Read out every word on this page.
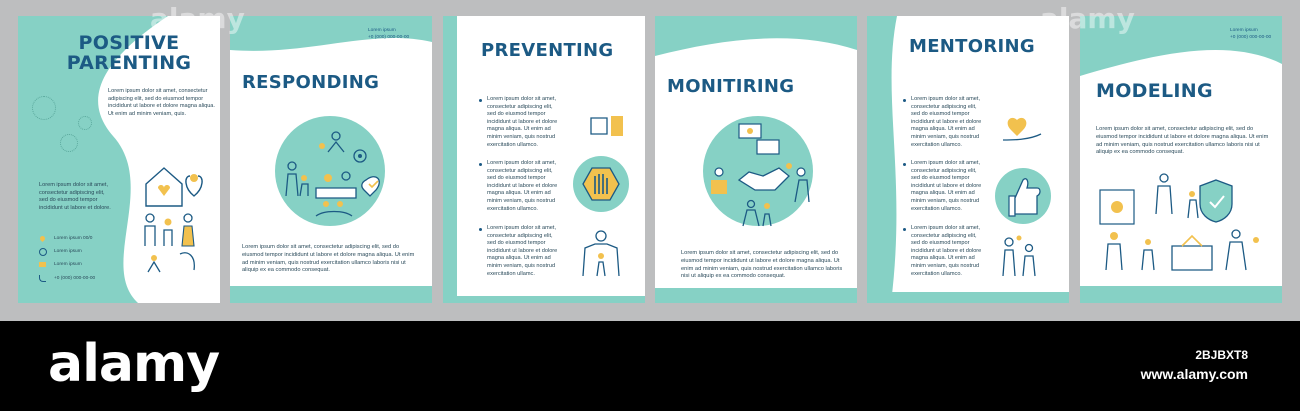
POSITIVE PARENTING
Lorem ipsum dolor sit amet, consectetur adipiscing elit, sed do eiusmod tempor incididunt ut labore et dolore magna aliqua. Ut enim ad minim veniam, quis.
Lorem ipsum dolor sit amet, consectetur adipiscing elit, sed do eiusmod tempor incididunt ut labore et dolore.
Lorem ipsum 00/0
Lorem ipsum
Lorem ipsum
+0 (000) 000-00-00
Lorem ipsum
+0 (000) 000-00-00
RESPONDING
Lorem ipsum dolor sit amet, consectetur adipiscing elit, sed do eiusmod tempor incididunt ut labore et dolore magna aliqua. Ut enim ad minim veniam, quis nostrud exercitation ullamco laboris nisi ut aliquip ex ea commodo consequat.
PREVENTING
Lorem ipsum dolor sit amet, consectetur adipiscing elit, sed do eiusmod tempor incididunt ut labore et dolore magna aliqua. Ut enim ad minim veniam, quis nostrud exercitation ullamco.
Lorem ipsum dolor sit amet, consectetur adipiscing elit, sed do eiusmod tempor incididunt ut labore et dolore magna aliqua. Ut enim ad minim veniam, quis nostrud exercitation ullamco.
Lorem ipsum dolor sit amet, consectetur adipiscing elit, sed do eiusmod tempor incididunt ut labore et dolore magna aliqua. Ut enim ad minim veniam, quis nostrud exercitation ullamc.
MONITIRING
Lorem ipsum dolor sit amet, consectetur adipiscing elit, sed do eiusmod tempor incididunt ut labore et dolore magna aliqua. Ut enim ad minim veniam, quis nostrud exercitation ullamco laboris nisi ut aliquip ex ea commodo consequat.
MENTORING
Lorem ipsum dolor sit amet, consectetur adipiscing elit, sed do eiusmod tempor incididunt ut labore et dolore magna aliqua. Ut enim ad minim veniam, quis nostrud exercitation ullamco.
Lorem ipsum dolor sit amet, consectetur adipiscing elit, sed do eiusmod tempor incididunt ut labore et dolore magna aliqua. Ut enim ad minim veniam, quis nostrud exercitation ullamco.
Lorem ipsum dolor sit amet, consectetur adipiscing elit, sed do eiusmod tempor incididunt ut labore et dolore magna aliqua. Ut enim ad minim veniam, quis nostrud exercitation ullamco.
Lorem ipsum
+0 (000) 000-00-00
MODELING
Lorem ipsum dolor sit amet, consectetur adipiscing elit, sed do eiusmod tempor incididunt ut labore et dolore magna aliqua. Ut enim ad minim veniam, quis nostrud exercitation ullamco laboris nisi ut aliquip ex ea commodo consequat.
alamy	alamy
alamy	2BJBXT8
www.alamy.com
